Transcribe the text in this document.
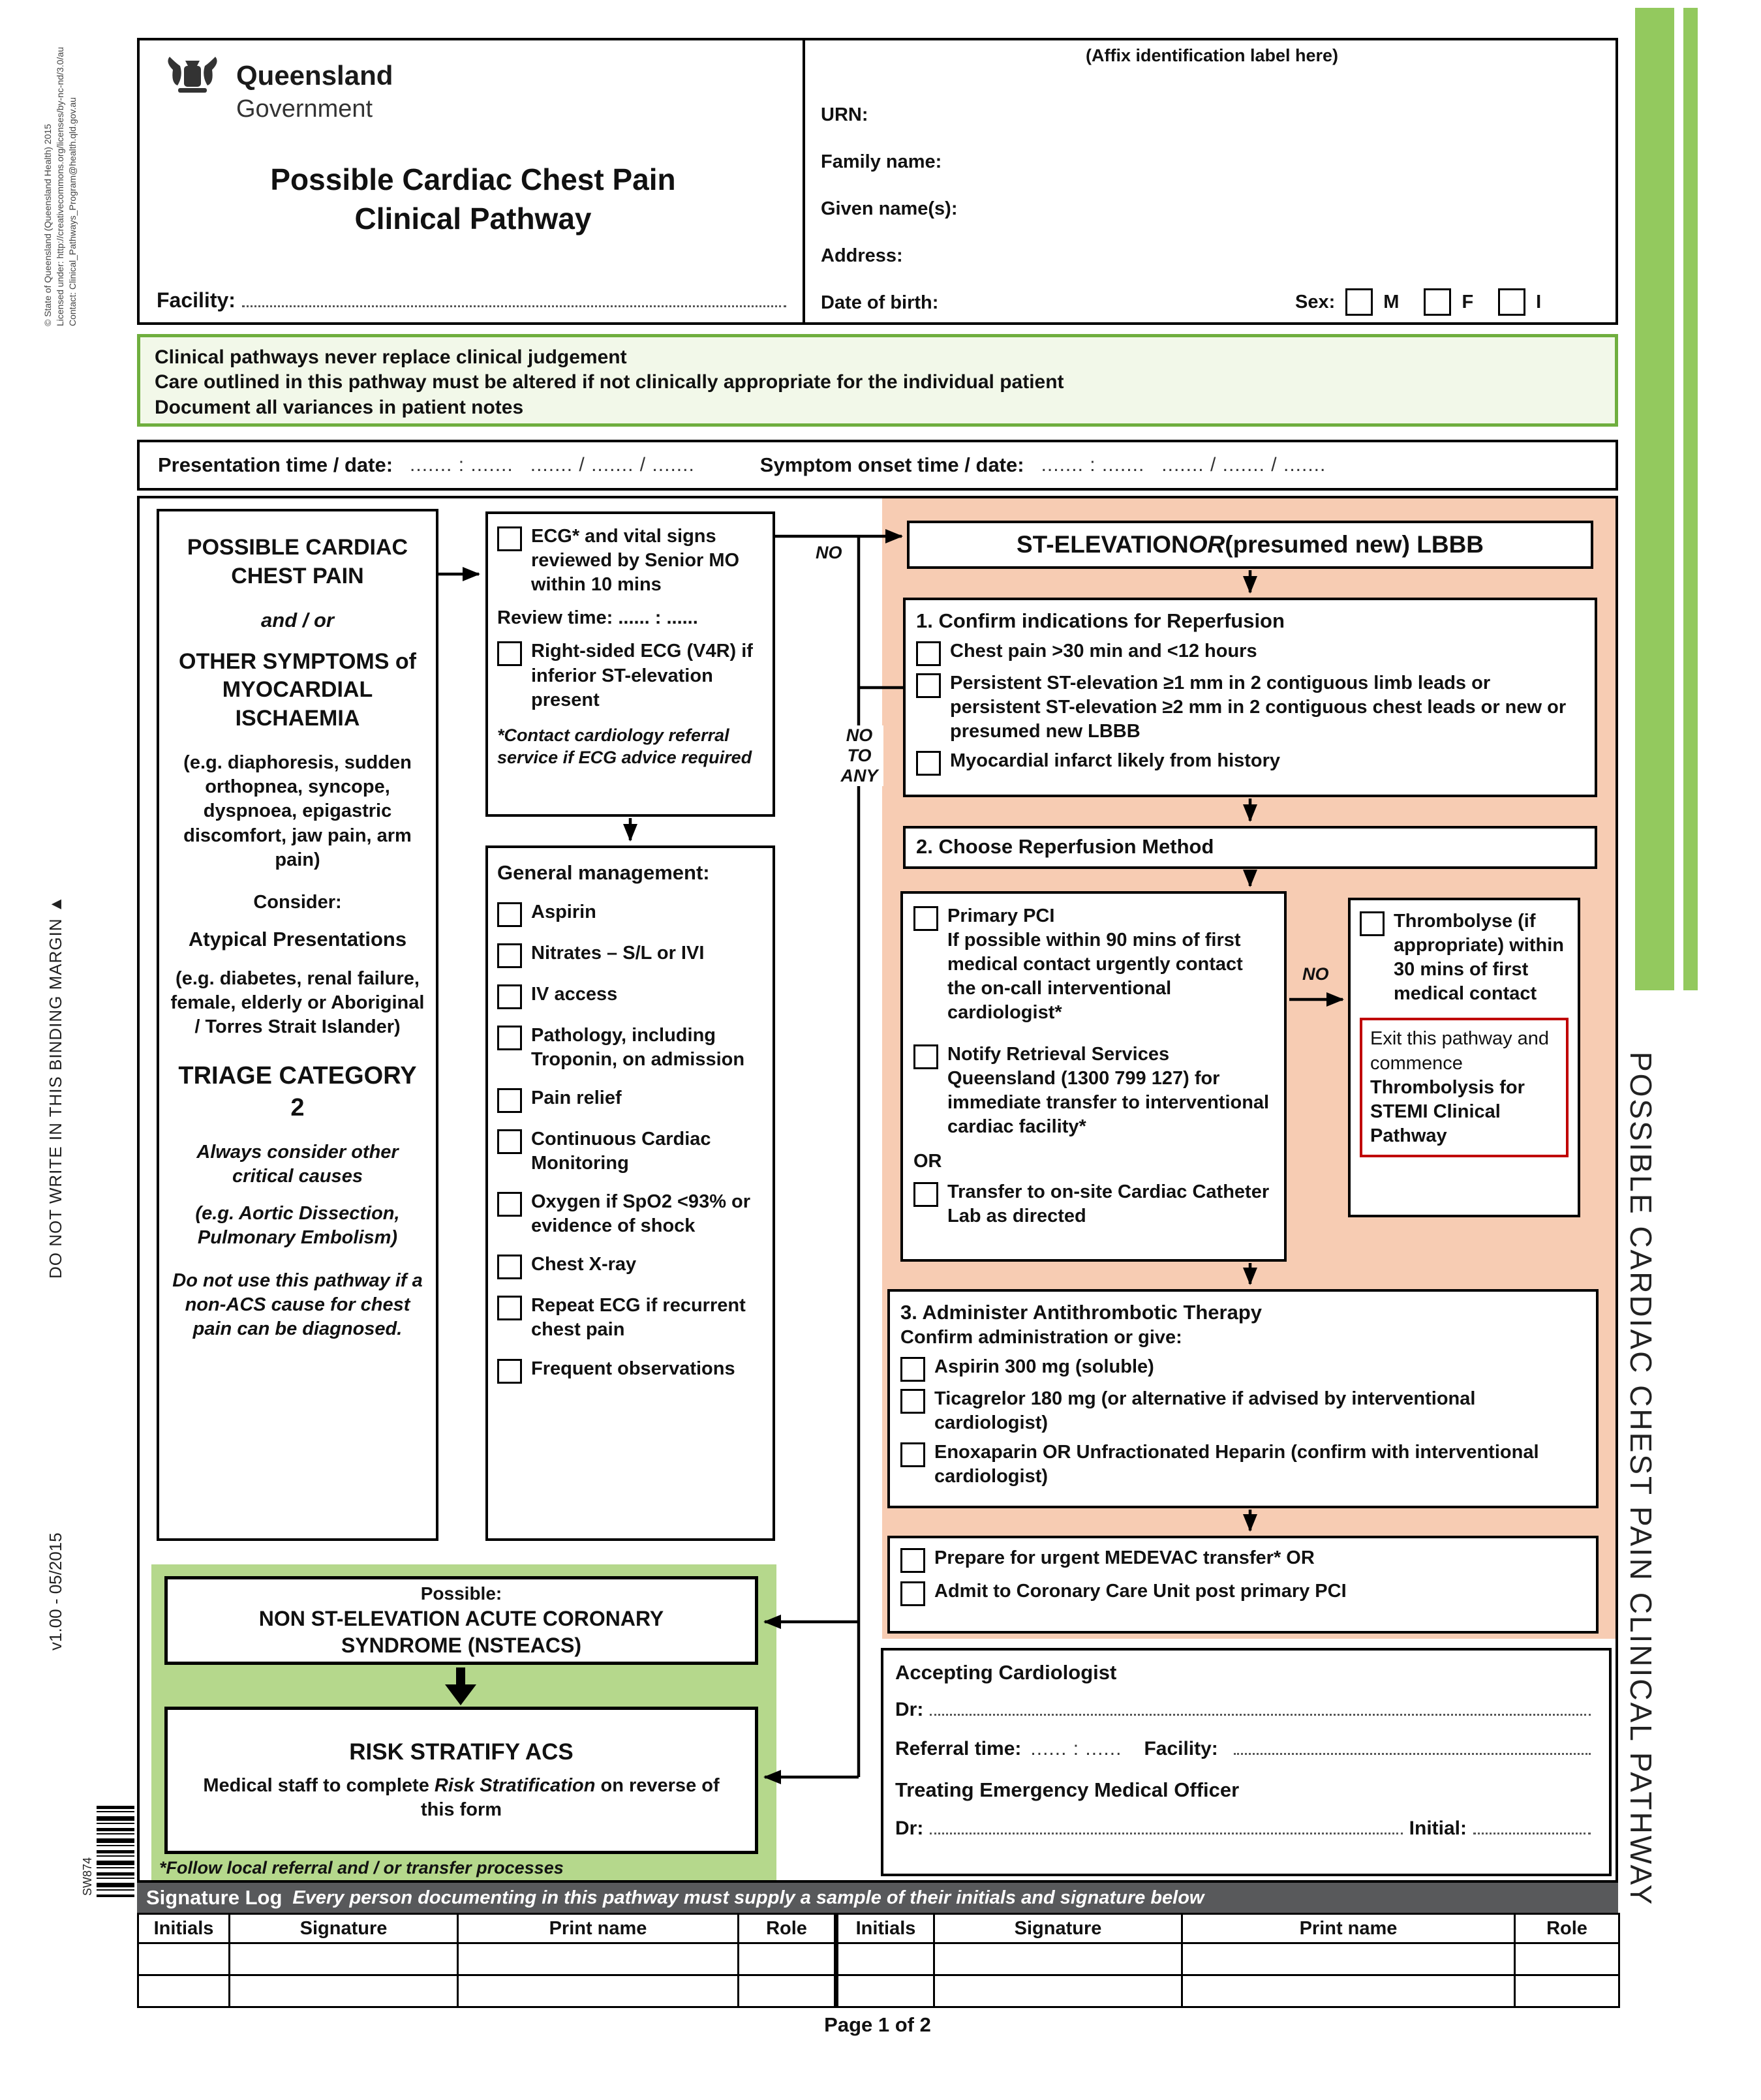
© State of Queensland (Queensland Health) 2015 Licensed under: http://creativecommons.org/licenses/by-nc-nd/3.0/au Contact: Clinical_Pathways_Program@health.qld.gov.au
DO NOT WRITE IN THIS BINDING MARGIN ▲
v1.00 - 05/2015
SW874	POSSIBLE CARDIAC CHEST PAIN CLINICAL PATHWAY
Queensland
Government
Possible Cardiac Chest Pain
Clinical Pathway
Facility:
(Affix identification label here)
URN:
Family name:
Given name(s):
Address:
Date of birth:	Sex:	M	F	I
Clinical pathways never replace clinical judgement
Care outlined in this pathway must be altered if not clinically appropriate for the individual patient
Document all variances in patient notes
Presentation time / date: ....... : ....... ....... / ....... / .......	Symptom onset time / date: ....... : ....... ....... / ....... / .......
POSSIBLE CARDIAC CHEST PAIN
and / or
OTHER SYMPTOMS of MYOCARDIAL ISCHAEMIA
(e.g. diaphoresis, sudden orthopnea, syncope, dyspnoea, epigastric discomfort, jaw pain, arm pain)
Consider:
Atypical Presentations
(e.g. diabetes, renal failure, female, elderly or Aboriginal / Torres Strait Islander)
TRIAGE CATEGORY 2
Always consider other critical causes
(e.g. Aortic Dissection, Pulmonary Embolism)
Do not use this pathway if a non-ACS cause for chest pain can be diagnosed.
ECG* and vital signs reviewed by Senior MO within 10 mins
Review time: ...... : ......
Right-sided ECG (V4R) if inferior ST-elevation present
*Contact cardiology referral service if ECG advice required
General management:
Aspirin
Nitrates – S/L or IVI
IV access
Pathology, including Troponin, on admission
Pain relief
Continuous Cardiac Monitoring
Oxygen if SpO2 <93% or evidence of shock
Chest X-ray
Repeat ECG if recurrent chest pain
Frequent observations
ST-ELEVATION OR (presumed new) LBBB
1. Confirm indications for Reperfusion
Chest pain >30 min and <12 hours
Persistent ST-elevation ≥1 mm in 2 contiguous limb leads or persistent ST-elevation ≥2 mm in 2 contiguous chest leads or new or presumed new LBBB
Myocardial infarct likely from history
2. Choose Reperfusion Method
Primary PCI
If possible within 90 mins of first medical contact urgently contact the on-call interventional cardiologist*
Notify Retrieval Services Queensland (1300 799 127) for immediate transfer to interventional cardiac facility*
OR
Transfer to on-site Cardiac Catheter Lab as directed
Thrombolyse (if appropriate) within 30 mins of first medical contact
Exit this pathway and commence Thrombolysis for STEMI Clinical Pathway
3. Administer Antithrombotic Therapy
Confirm administration or give:
Aspirin 300 mg (soluble)
Ticagrelor 180 mg (or alternative if advised by interventional cardiologist)
Enoxaparin OR Unfractionated Heparin (confirm with interventional cardiologist)
Prepare for urgent MEDEVAC transfer* OR
Admit to Coronary Care Unit post primary PCI
Accepting Cardiologist
Dr:
Referral time: ...... : ...... Facility:
Treating Emergency Medical Officer
Dr:	Initial:
Possible:
NON ST-ELEVATION ACUTE CORONARY
SYNDROME (NSTEACS)
RISK STRATIFY ACS
Medical staff to complete Risk Stratification on reverse of this form
*Follow local referral and / or transfer processes
NO
NO
TO
ANY
NO
Signature Log Every person documenting in this pathway must supply a sample of their initials and signature below
Initials	Signature	Print name	Role	Initials	Signature	Print name	Role

Page 1 of 2
